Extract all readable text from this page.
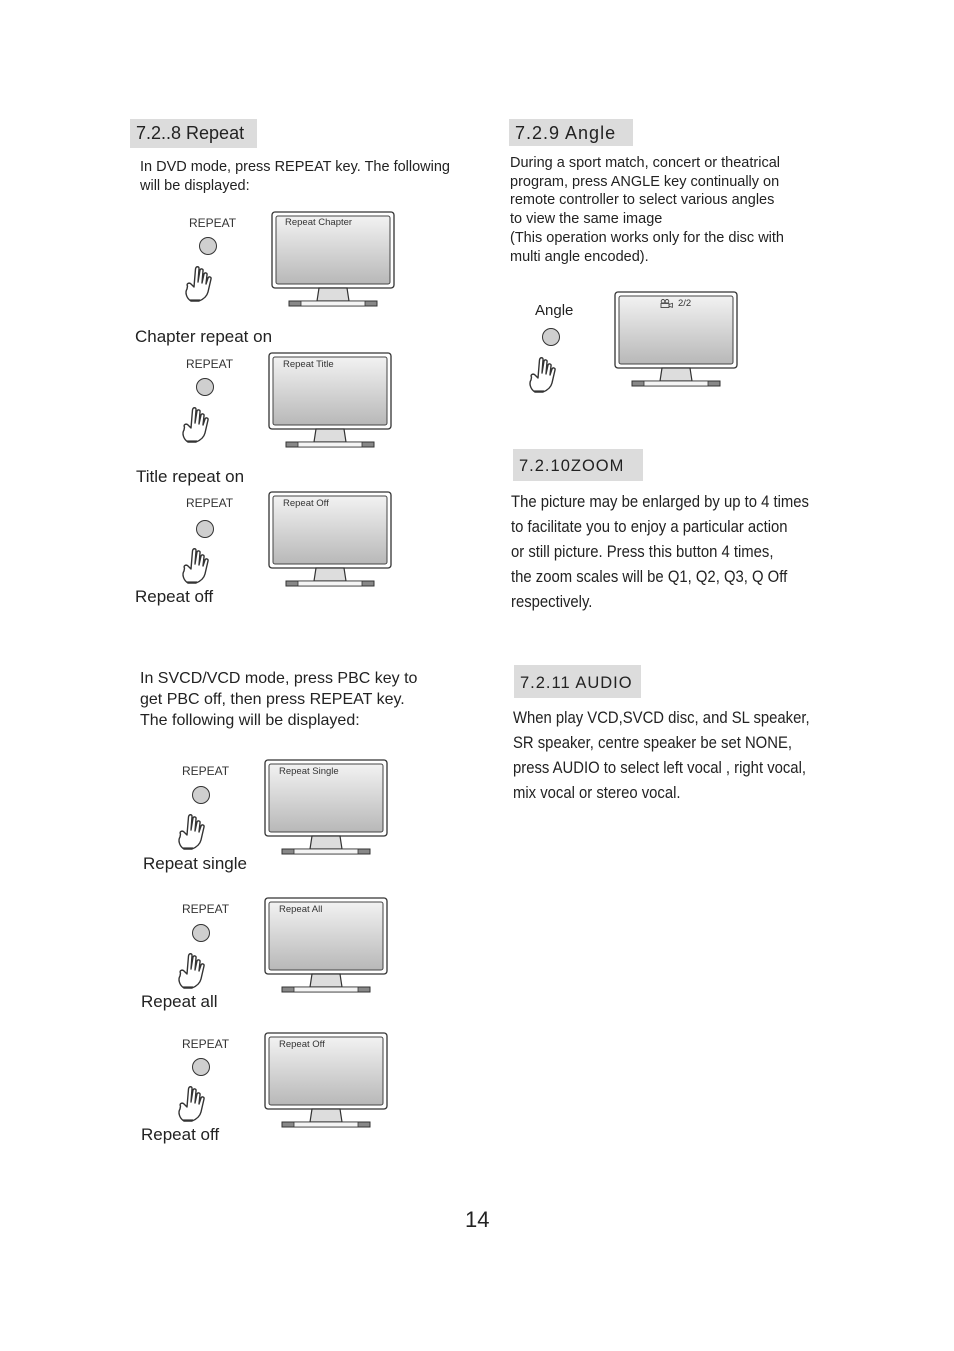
7.2..8 Repeat
In DVD mode, press REPEAT key. The following
will be displayed:
REPEAT	Repeat Chapter
Chapter repeat on
REPEAT	Repeat Title
Title repeat on
REPEAT	Repeat Off
Repeat off
In SVCD/VCD mode, press PBC key to
get PBC off, then press REPEAT key.
The following will be displayed:
REPEAT	Repeat Single
Repeat single
REPEAT	Repeat All
Repeat all
REPEAT	Repeat Off
Repeat off
7.2.9 Angle
During a sport match, concert or theatrical
program, press ANGLE key continually on
remote controller to select various angles
to view the same image
(This operation works only for the disc with
multi angle encoded).
Angle	2/2
7.2.10ZOOM
The picture may be enlarged by up to 4 times
to facilitate you to enjoy a particular action
or still picture. Press this button 4 times,
the zoom scales will be Q1, Q2, Q3, Q Off
respectively.
7.2.11 AUDIO
When play VCD,SVCD disc, and SL speaker,
SR speaker, centre speaker be set NONE,
press AUDIO to select left vocal , right vocal,
mix vocal or stereo vocal.
14
